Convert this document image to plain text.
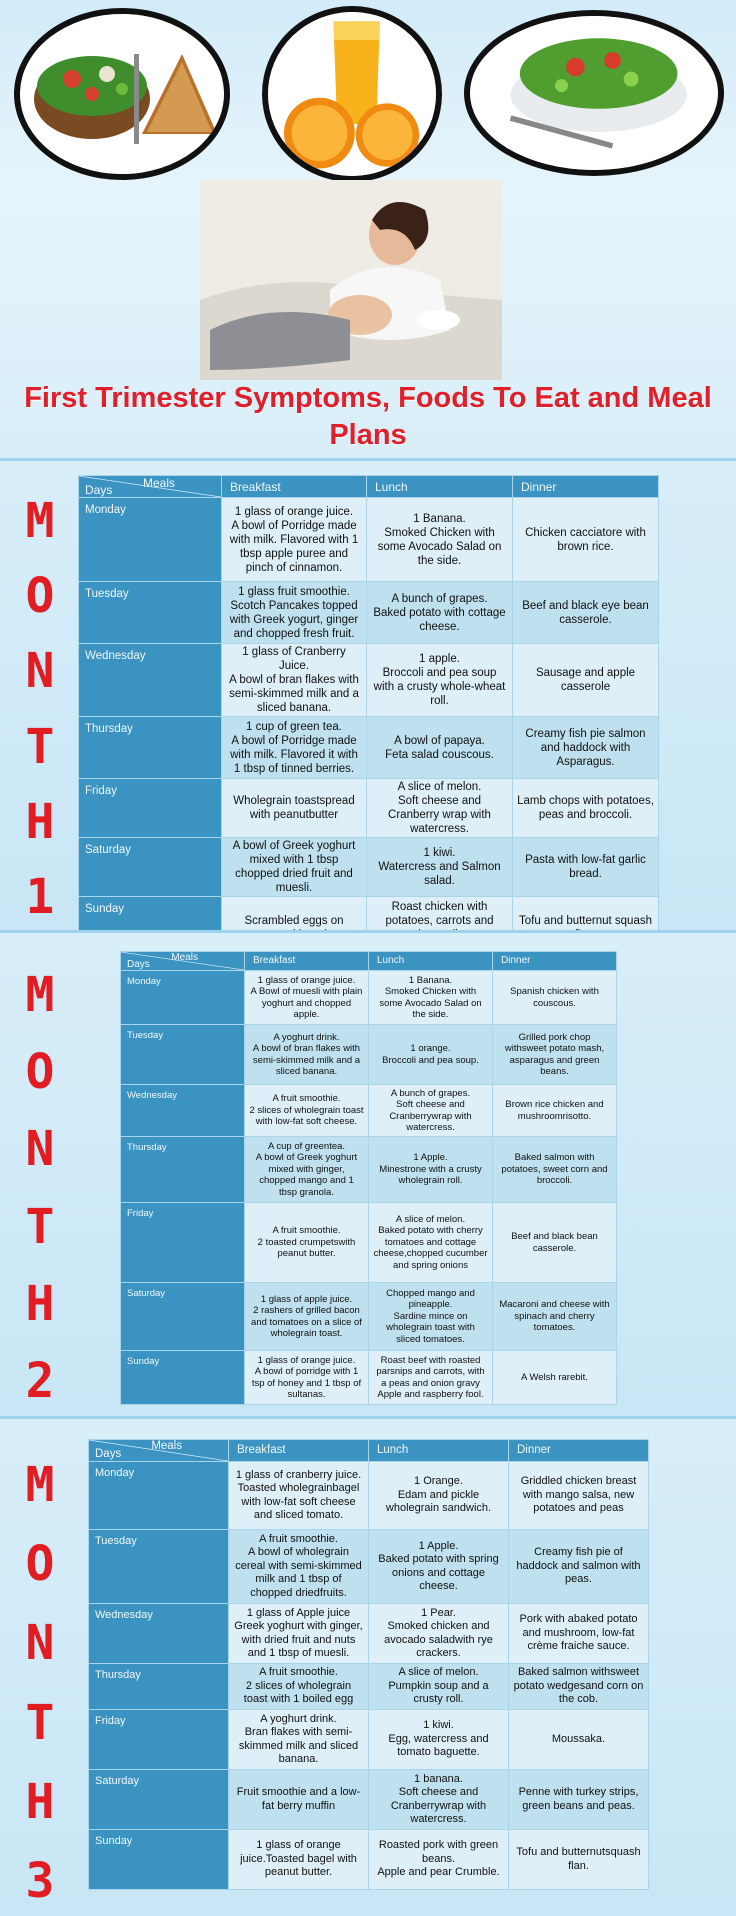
First Trimester Symptoms, Foods To Eat and Meal Plans
M
O
N
T
H
1
Meals
Days	Breakfast	Lunch	Dinner
Monday	1 glass of orange juice.
A bowl of Porridge made with milk. Flavored with 1 tbsp apple puree and pinch of cinnamon.	1 Banana.
Smoked Chicken with some Avocado Salad on the side.	Chicken cacciatore with brown rice.
Tuesday	1 glass fruit smoothie.
Scotch Pancakes topped with Greek yogurt, ginger and chopped fresh fruit.	A bunch of grapes.
Baked potato with cottage cheese.	Beef and black eye bean casserole.
Wednesday	1 glass of Cranberry Juice.
A bowl of bran flakes with semi-skimmed milk and a sliced banana.	1 apple.
Broccoli and pea soup with a crusty whole-wheat roll.	Sausage and apple casserole
Thursday	1 cup of green tea.
A bowl of Porridge made with milk. Flavored it with 1 tbsp of tinned berries.	A bowl of papaya.
Feta salad couscous.	Creamy fish pie salmon and haddock with Asparagus.
Friday	Wholegrain toastspread with peanutbutter	A slice of melon.
Soft cheese and Cranberry wrap with watercress.	Lamb chops with potatoes, peas and broccoli.
Saturday	A bowl of Greek yoghurt mixed with 1 tbsp chopped dried fruit and muesli.	1 kiwi.
Watercress and Salmon salad.	Pasta with low-fat garlic bread.
Sunday	Scrambled eggs on	Roast chicken with potatoes, carrots and	Tofu and butternut squash
M
O
N
T
H
2
Meals
Days	Breakfast	Lunch	Dinner
Monday	1 glass of orange juice.
A Bowl of muesli with plain yoghurt and chopped apple.	1 Banana.
Smoked Chicken with some Avocado Salad on the side.	Spanish chicken with couscous.
Tuesday	A yoghurt drink.
A bowl of bran flakes with semi-skimmed milk and a sliced banana.	1 orange.
Broccoli and pea soup.	Grilled pork chop withsweet potato mash, asparagus and green beans.
Wednesday	A fruit smoothie.
2 slices of wholegrain toast with low-fat soft cheese.	A bunch of grapes.
Soft cheese and Cranberrywrap with watercress.	Brown rice chicken and mushroomrisotto.
Thursday	A cup of greentea.
A bowl of Greek yoghurt mixed with ginger, chopped mango and 1 tbsp granola.	1 Apple.
Minestrone with a crusty wholegrain roll.	Baked salmon with potatoes, sweet corn and broccoli.
Friday	A fruit smoothie.
2 toasted crumpetswith peanut butter.	A slice of melon.
Baked potato with cherry tomatoes and cottage cheese,chopped cucumber and spring onions	Beef and black bean casserole.
Saturday	1 glass of apple juice.
2 rashers of grilled bacon and tomatoes on a slice of wholegrain toast.	Chopped mango and pineapple.
Sardine mince on wholegrain toast with sliced tomatoes.	Macaroni and cheese with spinach and cherry tomatoes.
Sunday	1 glass of orange juice.
A bowl of porridge with 1 tsp of honey and 1 tbsp of sultanas.	Roast beef with roasted parsnips and carrots, with a peas and onion gravy
Apple and raspberry fool.	A Welsh rarebit.
M
O
N
T
H
3
Meals
Days	Breakfast	Lunch	Dinner
Monday	1 glass of cranberry juice.
Toasted wholegrainbagel with low-fat soft cheese and sliced tomato.	1 Orange.
Edam and pickle wholegrain sandwich.	Griddled chicken breast with mango salsa, new potatoes and peas
Tuesday	A fruit smoothie.
A bowl of wholegrain cereal with semi-skimmed milk and 1 tbsp of chopped driedfruits.	1 Apple.
Baked potato with spring onions and cottage cheese.	Creamy fish pie of haddock and salmon with peas.
Wednesday	1 glass of Apple juice
Greek yoghurt with ginger, with dried fruit and nuts and 1 tbsp of muesli.	1 Pear.
Smoked chicken and avocado saladwith rye crackers.	Pork with abaked potato and mushroom, low-fat crème fraiche sauce.
Thursday	A fruit smoothie.
2 slices of wholegrain toast with 1 boiled egg	A slice of melon.
Pumpkin soup and a crusty roll.	Baked salmon withsweet potato wedgesand corn on the cob.
Friday	A yoghurt drink.
Bran flakes with semi-skimmed milk and sliced banana.	1 kiwi.
Egg, watercress and tomato baguette.	Moussaka.
Saturday	Fruit smoothie and a low-fat berry muffin	1 banana.
Soft cheese and Cranberrywrap with watercress.	Penne with turkey strips, green beans and peas.
Sunday	1 glass of orange juice.Toasted bagel with peanut butter.	Roasted pork with green beans.
Apple and pear Crumble.	Tofu and butternutsquash flan.
